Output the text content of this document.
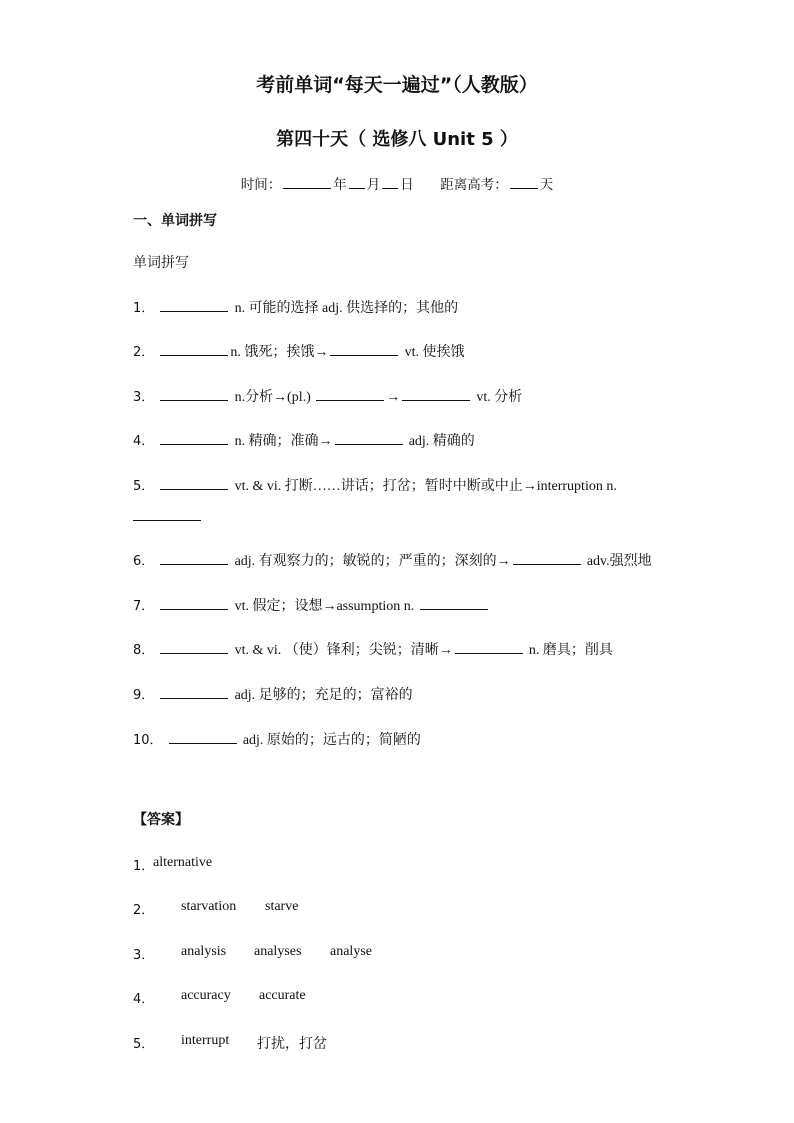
考前单词“每天一遍过”（人教版）
第四十天（ 选修八 Unit 5 ）
时间：	年 月 日 距离高考： 天
一、单词拼写
单词拼写
1．	n. 可能的选择 adj. 供选择的；其他的
2．	n. 饿死；挨饿→	vt. 使挨饿
3．	n.分析→(pl.)	→	vt. 分析
4．	n. 精确；准确→	adj. 精确的
5．	vt. & vi. 打断……讲话；打岔；暂时中断或中止→interruption n.
6．	adj. 有观察力的；敏锐的；严重的；深刻的→	adv.强烈地
7．	vt. 假定；设想→assumption n.
8．	vt. & vi. （使）锋利；尖锐；清晰→	n. 磨具；削具
9．	adj. 足够的；充足的；富裕的
10．	adj. 原始的；远古的；简陋的
【答案】
1．
alternative
2． starvation starve
3． analysis analyses analyse
4． accuracy accurate
5． interrupt 打扰，打岔
